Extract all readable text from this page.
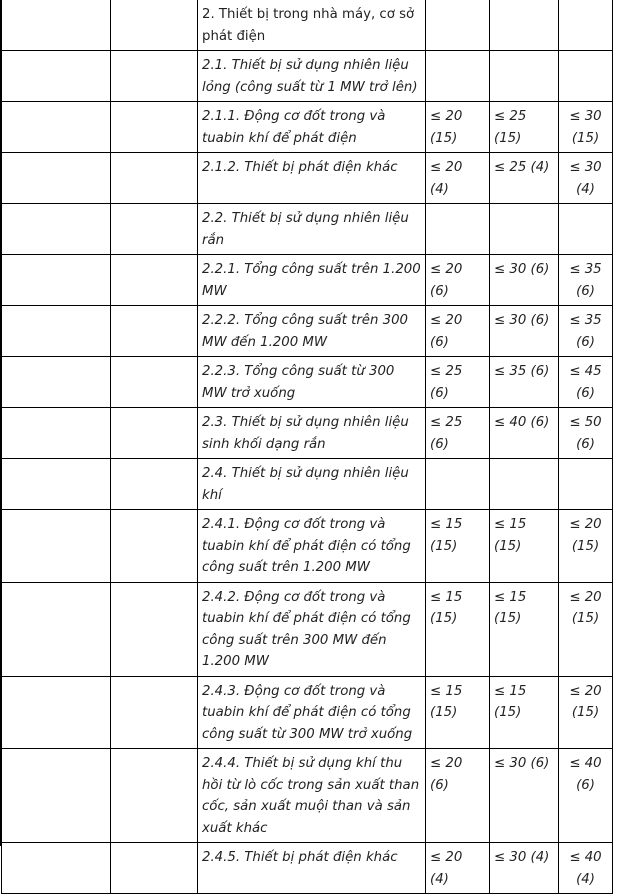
		2. Thiết bị trong nhà máy, cơ sở phát điện			
		2.1. Thiết bị sử dụng nhiên liệu lỏng (công suất từ 1 MW trở lên)			
		2.1.1. Động cơ đốt trong và tuabin khí để phát điện	≤ 20 (15)	≤ 25 (15)	≤ 30 (15)
		2.1.2. Thiết bị phát điện khác	≤ 20 (4)	≤ 25 (4)	≤ 30 (4)
		2.2. Thiết bị sử dụng nhiên liệu rắn			
		2.2.1. Tổng công suất trên 1.200 MW	≤ 20 (6)	≤ 30 (6)	≤ 35 (6)
		2.2.2. Tổng công suất trên 300 MW đến 1.200 MW	≤ 20 (6)	≤ 30 (6)	≤ 35 (6)
		2.2.3. Tổng công suất từ 300 MW trở xuống	≤ 25 (6)	≤ 35 (6)	≤ 45 (6)
		2.3. Thiết bị sử dụng nhiên liệu sinh khối dạng rắn	≤ 25 (6)	≤ 40 (6)	≤ 50 (6)
		2.4. Thiết bị sử dụng nhiên liệu khí			
		2.4.1. Động cơ đốt trong và tuabin khí để phát điện có tổng công suất trên 1.200 MW	≤ 15 (15)	≤ 15 (15)	≤ 20 (15)
		2.4.2. Động cơ đốt trong và tuabin khí để phát điện có tổng công suất trên 300 MW đến 1.200 MW	≤ 15 (15)	≤ 15 (15)	≤ 20 (15)
		2.4.3. Động cơ đốt trong và tuabin khí để phát điện có tổng công suất từ 300 MW trở xuống	≤ 15 (15)	≤ 15 (15)	≤ 20 (15)
		2.4.4. Thiết bị sử dụng khí thu hồi từ lò cốc trong sản xuất than cốc, sản xuất muội than và sản xuất khác	≤ 20 (6)	≤ 30 (6)	≤ 40 (6)
		2.4.5. Thiết bị phát điện khác	≤ 20 (4)	≤ 30 (4)	≤ 40 (4)
